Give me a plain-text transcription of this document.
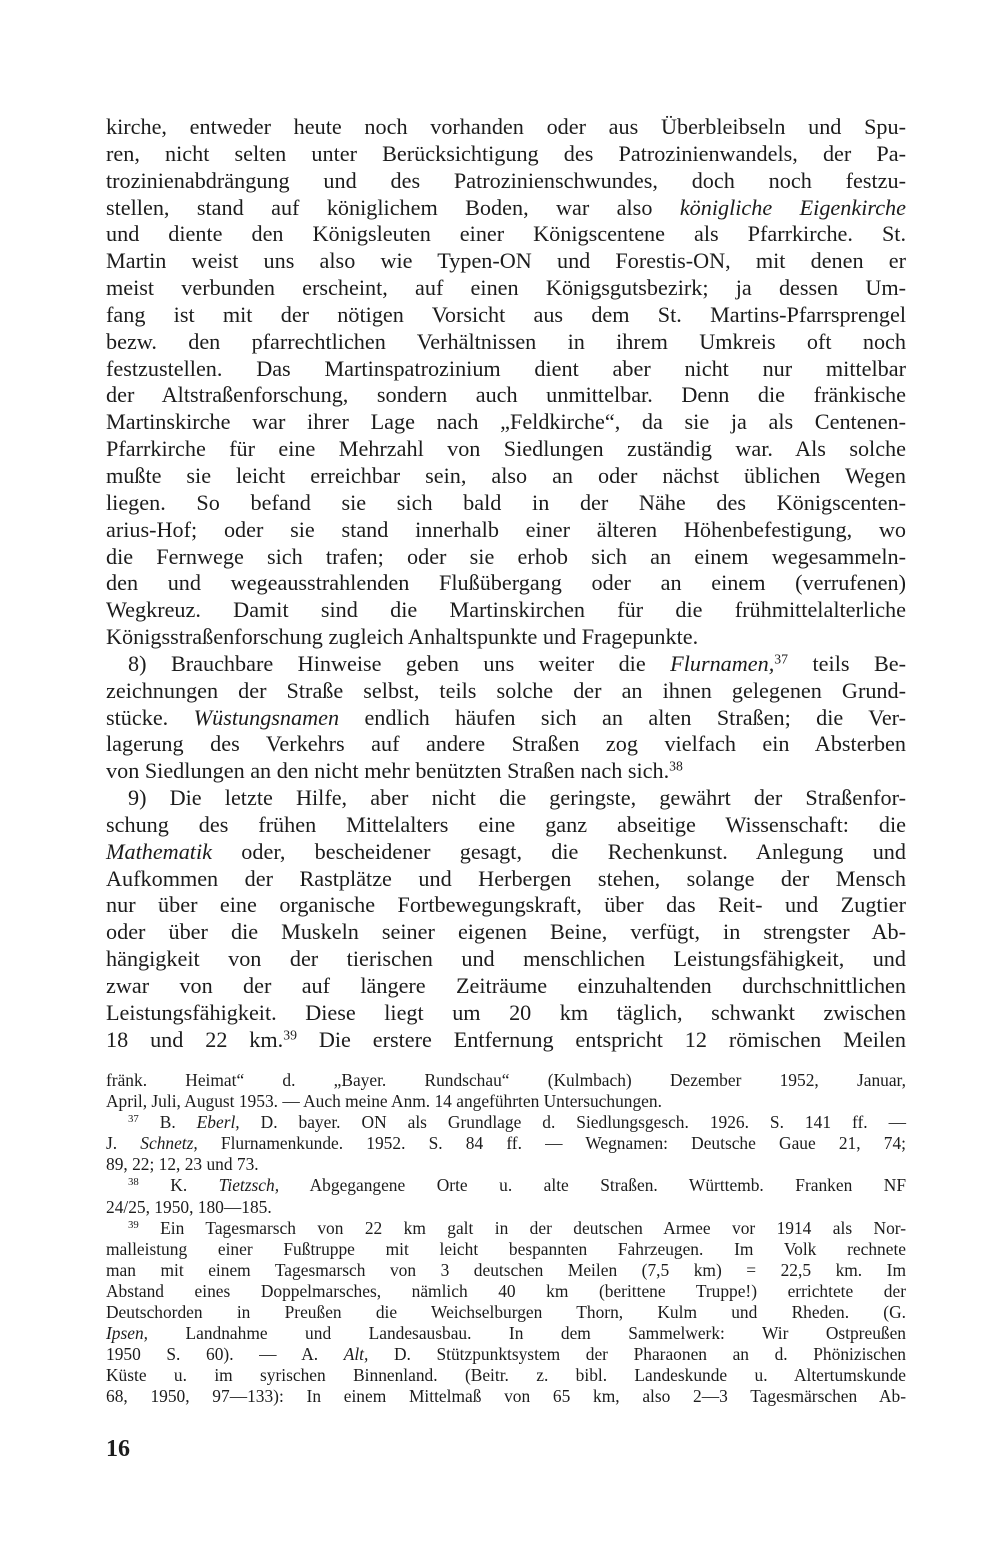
kirche, entweder heute noch vorhanden oder aus Überbleibseln und Spu-

ren, nicht selten unter Berücksichtigung des Patrozinienwandels, der Pa-

trozinienabdrängung und des Patrozinienschwundes, doch noch festzu-

stellen, stand auf königlichem Boden, war also königliche Eigenkirche

und diente den Königsleuten einer Königscentene als Pfarrkirche. St.

Martin weist uns also wie Typen-ON und Forestis-ON, mit denen er

meist verbunden erscheint, auf einen Königsgutsbezirk; ja dessen Um-

fang ist mit der nötigen Vorsicht aus dem St. Martins-Pfarrsprengel

bezw. den pfarrechtlichen Verhältnissen in ihrem Umkreis oft noch

festzustellen. Das Martinspatrozinium dient aber nicht nur mittelbar

der Altstraßenforschung, sondern auch unmittelbar. Denn die fränkische

Martinskirche war ihrer Lage nach „Feldkirche“, da sie ja als Centenen-

Pfarrkirche für eine Mehrzahl von Siedlungen zuständig war. Als solche

mußte sie leicht erreichbar sein, also an oder nächst üblichen Wegen

liegen. So befand sie sich bald in der Nähe des Königscenten-

arius-Hof; oder sie stand innerhalb einer älteren Höhenbefestigung, wo

die Fernwege sich trafen; oder sie erhob sich an einem wegesammeln-

den und wegeausstrahlenden Flußübergang oder an einem (verrufenen)

Wegkreuz. Damit sind die Martinskirchen für die frühmittelalterliche

Königsstraßenforschung zugleich Anhaltspunkte und Fragepunkte.

8) Brauchbare Hinweise geben uns weiter die Flurnamen,$^{37}$ teils Be-

zeichnungen der Straße selbst, teils solche der an ihnen gelegenen Grund-

stücke. Wüstungsnamen endlich häufen sich an alten Straßen; die Ver-

lagerung des Verkehrs auf andere Straßen zog vielfach ein Absterben

von Siedlungen an den nicht mehr benützten Straßen nach sich.$^{38}$

9) Die letzte Hilfe, aber nicht die geringste, gewährt der Straßenfor-

schung des frühen Mittelalters eine ganz abseitige Wissenschaft: die

Mathematik oder, bescheidener gesagt, die Rechenkunst. Anlegung und

Aufkommen der Rastplätze und Herbergen stehen, solange der Mensch

nur über eine organische Fortbewegungskraft, über das Reit- und Zugtier

oder über die Muskeln seiner eigenen Beine, verfügt, in strengster Ab-

hängigkeit von der tierischen und menschlichen Leistungsfähigkeit, und

zwar von der auf längere Zeiträume einzuhaltenden durchschnittlichen

Leistungsfähigkeit. Diese liegt um 20 km täglich, schwankt zwischen

18 und 22 km.$^{39}$ Die erstere Entfernung entspricht 12 römischen Meilen

fränk. Heimat“ d. „Bayer. Rundschau“ (Kulmbach) Dezember 1952, Januar,

April, Juli, August 1953. — Auch meine Anm. 14 angeführten Untersuchungen.

$^{37}$ B. Eberl, D. bayer. ON als Grundlage d. Siedlungsgesch. 1926. S. 141 ff. —

J. Schnetz, Flurnamenkunde. 1952. S. 84 ff. — Wegnamen: Deutsche Gaue 21, 74;

89, 22; 12, 23 und 73.

$^{38}$ K. Tietzsch, Abgegangene Orte u. alte Straßen. Württemb. Franken NF

24/25, 1950, 180—185.

$^{39}$ Ein Tagesmarsch von 22 km galt in der deutschen Armee vor 1914 als Nor-

malleistung einer Fußtruppe mit leicht bespannten Fahrzeugen. Im Volk rechnete

man mit einem Tagesmarsch von 3 deutschen Meilen (7,5 km) = 22,5 km. Im

Abstand eines Doppelmarsches, nämlich 40 km (berittene Truppe!) errichtete der

Deutschorden in Preußen die Weichselburgen Thorn, Kulm und Rheden. (G.

Ipsen, Landnahme und Landesausbau. In dem Sammelwerk: Wir Ostpreußen

1950 S. 60). — A. Alt, D. Stützpunktsystem der Pharaonen an d. Phönizischen

Küste u. im syrischen Binnenland. (Beitr. z. bibl. Landeskunde u. Altertumskunde

68, 1950, 97—133): In einem Mittelmaß von 65 km, also 2—3 Tagesmärschen Ab-

16
